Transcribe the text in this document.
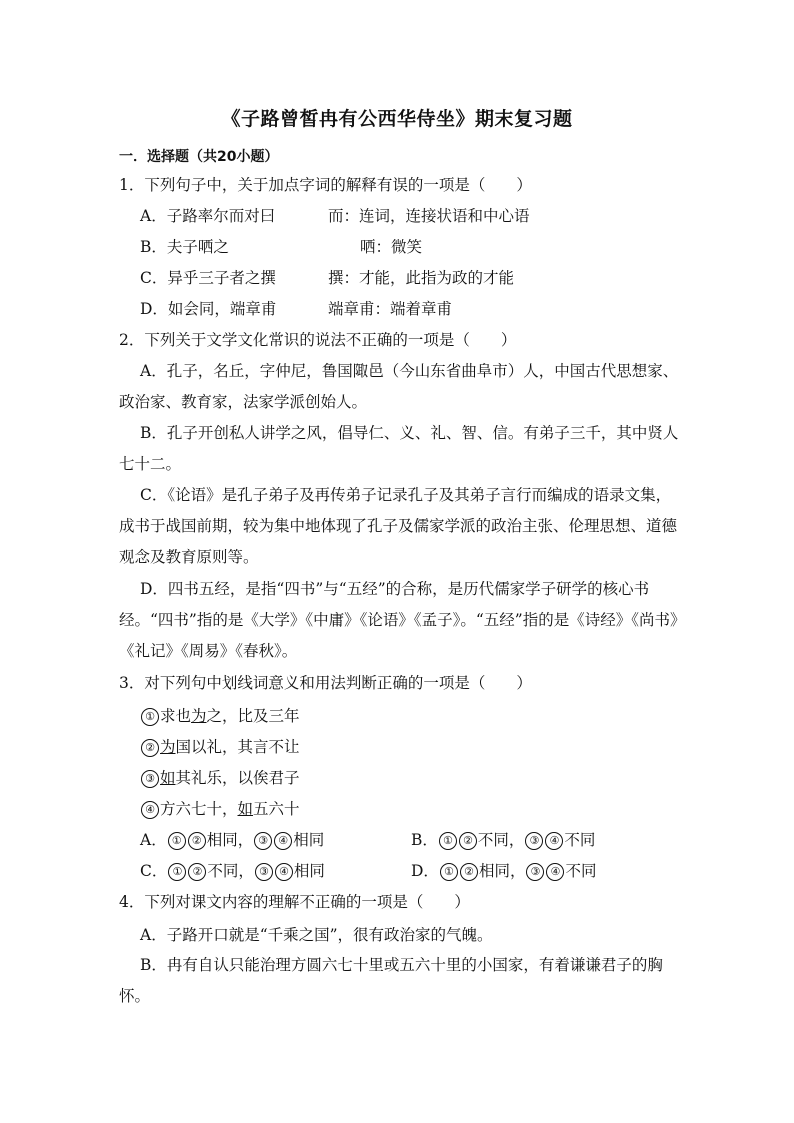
《子路曾皙冉有公西华侍坐》期末复习题
一．选择题（共20小题）
1．下列句子中，关于加点字词的解释有误的一项是（　　）
A．子路率尔而对曰	而：连词，连接状语和中心语
B．夫子哂之	哂：微笑
C．异乎三子者之撰	撰：才能，此指为政的才能
D．如会同，端章甫	端章甫：端着章甫
2．下列关于文学文化常识的说法不正确的一项是（　　）
A．孔子，名丘，字仲尼，鲁国陬邑（今山东省曲阜市）人，中国古代思想家、政治家、教育家，法家学派创始人。
B．孔子开创私人讲学之风，倡导仁、义、礼、智、信。有弟子三千，其中贤人七十二。
C．《论语》是孔子弟子及再传弟子记录孔子及其弟子言行而编成的语录文集，成书于战国前期，较为集中地体现了孔子及儒家学派的政治主张、伦理思想、道德观念及教育原则等。
D．四书五经，是指“四书”与“五经”的合称，是历代儒家学子研学的核心书经。“四书”指的是《大学》《中庸》《论语》《孟子》。“五经”指的是《诗经》《尚书》《礼记》《周易》《春秋》。
3．对下列句中划线词意义和用法判断正确的一项是（　　）
① 求也为之，比及三年
② 为国以礼，其言不让
③ 如其礼乐，以俟君子
④ 方六七十，如五六十
A． ① ② 相同， ③ ④ 相同	B． ① ② 不同， ③ ④ 不同
C． ① ② 不同， ③ ④ 相同	D． ① ② 相同， ③ ④ 不同
4．下列对课文内容的理解不正确的一项是（　　）
A．子路开口就是“千乘之国”，很有政治家的气魄。
B．冉有自认只能治理方圆六七十里或五六十里的小国家，有着谦谦君子的胸怀。
